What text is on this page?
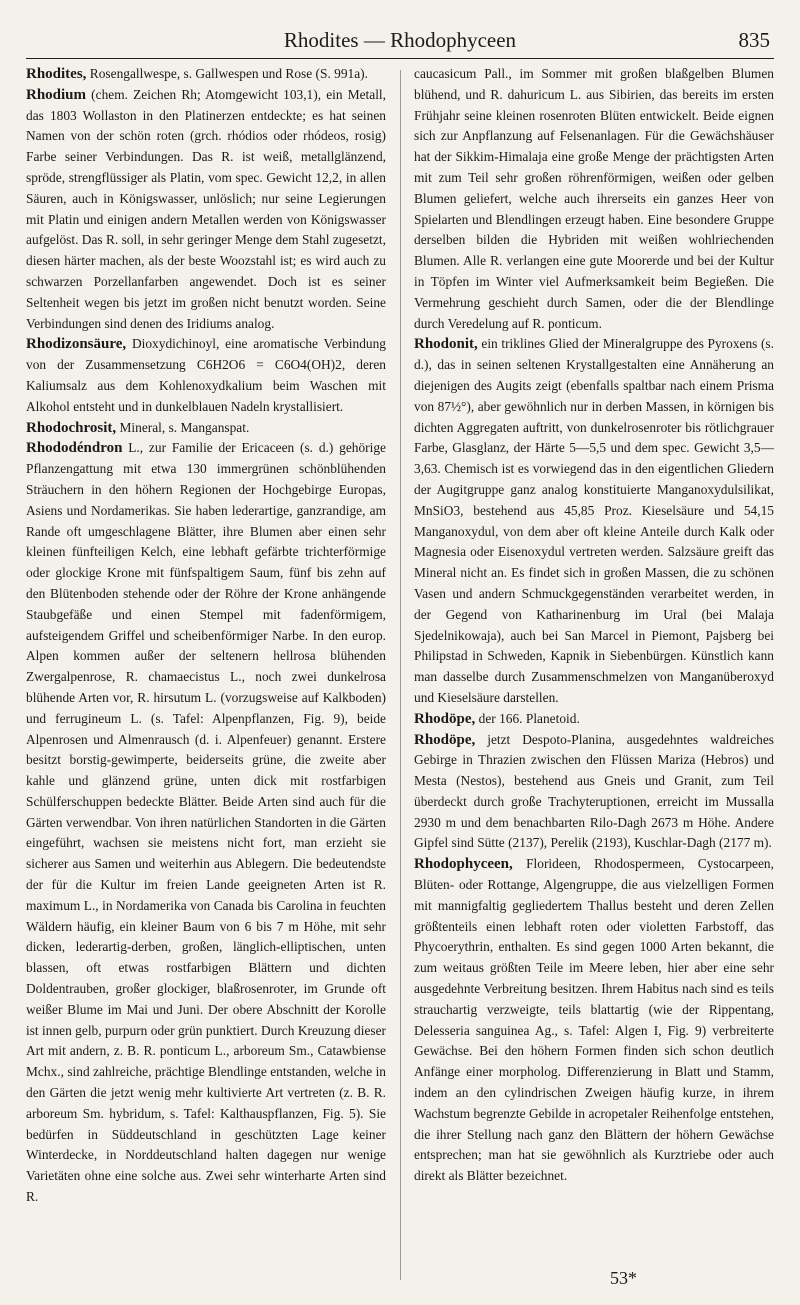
Rhodites — Rhodophyceen	835

Rhodites, Rosengallwespe, s. Gallwespen und Rose (S. 991a).

Rhodium (chem. Zeichen Rh; Atomgewicht 103,1), ein Metall, das 1803 Wollaston in den Platinerzen entdeckte; es hat seinen Namen von der schön roten (grch. rhódios oder rhódeos, rosig) Farbe seiner Verbindungen. Das R. ist weiß, metallglänzend, spröde, strengflüssiger als Platin, vom spec. Gewicht 12,2, in allen Säuren, auch in Königswasser, unlöslich; nur seine Legierungen mit Platin und einigen andern Metallen werden von Königswasser aufgelöst. Das R. soll, in sehr geringer Menge dem Stahl zugesetzt, diesen härter machen, als der beste Woozstahl ist; es wird auch zu schwarzen Porzellanfarben angewendet. Doch ist es seiner Seltenheit wegen bis jetzt im großen nicht benutzt worden. Seine Verbindungen sind denen des Iridiums analog.

Rhodizonsäure, Dioxydichinoyl, eine aromatische Verbindung von der Zusammensetzung C6H2O6 = C6O4(OH)2, deren Kaliumsalz aus dem Kohlenoxydkalium beim Waschen mit Alkohol entsteht und in dunkelblauen Nadeln krystallisiert.

Rhodochrosit, Mineral, s. Manganspat.

Rhododéndron L., zur Familie der Ericaceen (s. d.) gehörige Pflanzengattung mit etwa 130 immergrünen schönblühenden Sträuchern in den höhern Regionen der Hochgebirge Europas, Asiens und Nordamerikas. Sie haben lederartige, ganzrandige, am Rande oft umgeschlagene Blätter, ihre Blumen aber einen sehr kleinen fünfteiligen Kelch, eine lebhaft gefärbte trichterförmige oder glockige Krone mit fünfspaltigem Saum, fünf bis zehn auf den Blütenboden stehende oder der Röhre der Krone anhängende Staubgefäße und einen Stempel mit fadenförmigem, aufsteigendem Griffel und scheibenförmiger Narbe. In den europ. Alpen kommen außer der seltenern hellrosa blühenden Zwergalpenrose, R. chamaecistus L., noch zwei dunkelrosa blühende Arten vor, R. hirsutum L. (vorzugsweise auf Kalkboden) und ferrugineum L. (s. Tafel: Alpenpflanzen, Fig. 9), beide Alpenrosen und Almenrausch (d. i. Alpenfeuer) genannt. Erstere besitzt borstig-gewimperte, beiderseits grüne, die zweite aber kahle und glänzend grüne, unten dick mit rostfarbigen Schülferschuppen bedeckte Blätter. Beide Arten sind auch für die Gärten verwendbar. Von ihren natürlichen Standorten in die Gärten eingeführt, wachsen sie meistens nicht fort, man erzieht sie sicherer aus Samen und weiterhin aus Ablegern. Die bedeutendste der für die Kultur im freien Lande geeigneten Arten ist R. maximum L., in Nordamerika von Canada bis Carolina in feuchten Wäldern häufig, ein kleiner Baum von 6 bis 7 m Höhe, mit sehr dicken, lederartig-derben, großen, länglich-elliptischen, unten blassen, oft etwas rostfarbigen Blättern und dichten Doldentrauben, großer glockiger, blaßrosenroter, im Grunde oft weißer Blume im Mai und Juni. Der obere Abschnitt der Korolle ist innen gelb, purpurn oder grün punktiert. Durch Kreuzung dieser Art mit andern, z. B. R. ponticum L., arboreum Sm., Catawbiense Mchx., sind zahlreiche, prächtige Blendlinge entstanden, welche in den Gärten die jetzt wenig mehr kultivierte Art vertreten (z. B. R. arboreum Sm. hybridum, s. Tafel: Kalthauspflanzen, Fig. 5). Sie bedürfen in Süddeutschland in geschützten Lage keiner Winterdecke, in Norddeutschland halten dagegen nur wenige Varietäten ohne eine solche aus. Zwei sehr winterharte Arten sind R.

caucasicum Pall., im Sommer mit großen blaßgelben Blumen blühend, und R. dahuricum L. aus Sibirien, das bereits im ersten Frühjahr seine kleinen rosenroten Blüten entwickelt. Beide eignen sich zur Anpflanzung auf Felsenanlagen. Für die Gewächshäuser hat der Sikkim-Himalaja eine große Menge der prächtigsten Arten mit zum Teil sehr großen röhrenförmigen, weißen oder gelben Blumen geliefert, welche auch ihrerseits ein ganzes Heer von Spielarten und Blendlingen erzeugt haben. Eine besondere Gruppe derselben bilden die Hybriden mit weißen wohlriechenden Blumen. Alle R. verlangen eine gute Moorerde und bei der Kultur in Töpfen im Winter viel Aufmerksamkeit beim Begießen. Die Vermehrung geschieht durch Samen, oder die der Blendlinge durch Veredelung auf R. ponticum.

Rhodonit, ein triklines Glied der Mineralgruppe des Pyroxens (s. d.), das in seinen seltenen Krystallgestalten eine Annäherung an diejenigen des Augits zeigt (ebenfalls spaltbar nach einem Prisma von 87½°), aber gewöhnlich nur in derben Massen, in körnigen bis dichten Aggregaten auftritt, von dunkelrosenroter bis rötlichgrauer Farbe, Glasglanz, der Härte 5—5,5 und dem spec. Gewicht 3,5—3,63. Chemisch ist es vorwiegend das in den eigentlichen Gliedern der Augitgruppe ganz analog konstituierte Manganoxydulsilikat, MnSiO3, bestehend aus 45,85 Proz. Kieselsäure und 54,15 Manganoxydul, von dem aber oft kleine Anteile durch Kalk oder Magnesia oder Eisenoxydul vertreten werden. Salzsäure greift das Mineral nicht an. Es findet sich in großen Massen, die zu schönen Vasen und andern Schmuckgegenständen verarbeitet werden, in der Gegend von Katharinenburg im Ural (bei Malaja Sjedelnikowaja), auch bei San Marcel in Piemont, Pajsberg bei Philipstad in Schweden, Kapnik in Siebenbürgen. Künstlich kann man dasselbe durch Zusammenschmelzen von Manganüberoxyd und Kieselsäure darstellen.

Rhodöpe, der 166. Planetoid.

Rhodöpe, jetzt Despoto-Planina, ausgedehntes waldreiches Gebirge in Thrazien zwischen den Flüssen Mariza (Hebros) und Mesta (Nestos), bestehend aus Gneis und Granit, zum Teil überdeckt durch große Trachyteruptionen, erreicht im Mussalla 2930 m und dem benachbarten Rilo-Dagh 2673 m Höhe. Andere Gipfel sind Sütte (2137), Perelik (2193), Kuschlar-Dagh (2177 m).

Rhodophyceen, Florideen, Rhodospermeen, Cystocarpeen, Blüten- oder Rottange, Algengruppe, die aus vielzelligen Formen mit mannigfaltig gegliedertem Thallus besteht und deren Zellen größtenteils einen lebhaft roten oder violetten Farbstoff, das Phycoerythrin, enthalten. Es sind gegen 1000 Arten bekannt, die zum weitaus größten Teile im Meere leben, hier aber eine sehr ausgedehnte Verbreitung besitzen. Ihrem Habitus nach sind es teils strauchartig verzweigte, teils blattartig (wie der Rippentang, Delesseria sanguinea Ag., s. Tafel: Algen I, Fig. 9) verbreiterte Gewächse. Bei den höhern Formen finden sich schon deutlich Anfänge einer morpholog. Differenzierung in Blatt und Stamm, indem an den cylindrischen Zweigen häufig kurze, in ihrem Wachstum begrenzte Gebilde in acropetaler Reihenfolge entstehen, die ihrer Stellung nach ganz den Blättern der höhern Gewächse entsprechen; man hat sie gewöhnlich als Kurztriebe oder auch direkt als Blätter bezeichnet.

53*
